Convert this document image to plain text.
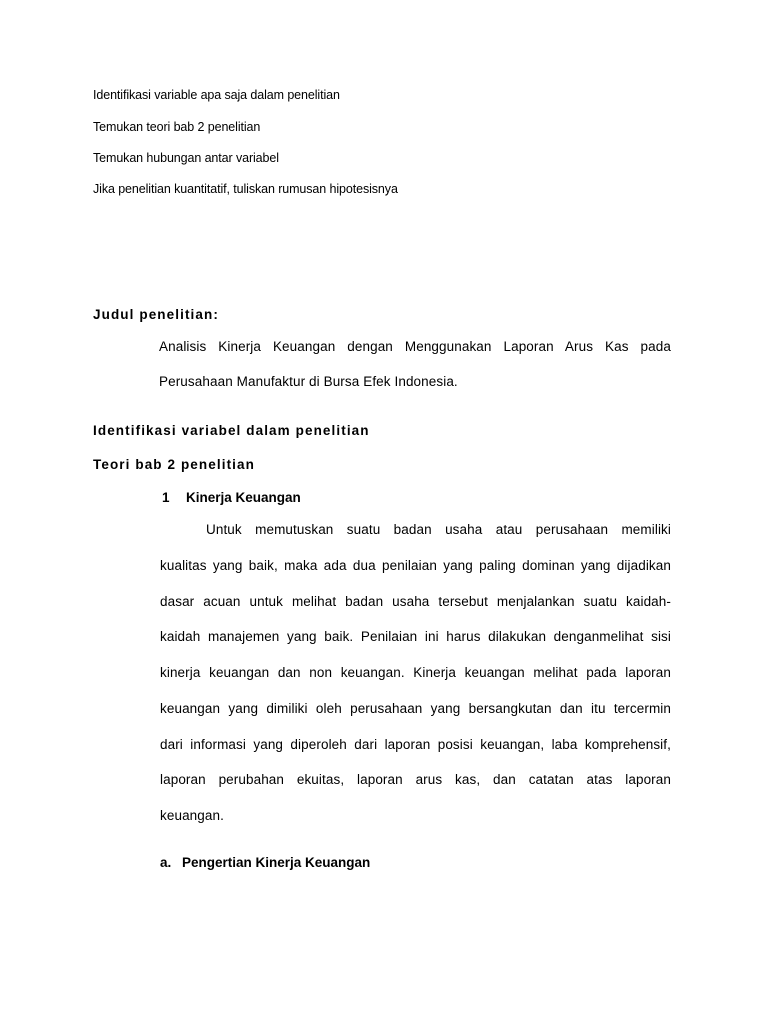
Identifikasi variable apa saja dalam penelitian
Temukan teori bab 2 penelitian
Temukan hubungan antar variabel
Jika penelitian kuantitatif, tuliskan rumusan hipotesisnya
Judul penelitian:
Analisis Kinerja Keuangan dengan Menggunakan Laporan Arus Kas pada
Perusahaan Manufaktur di Bursa Efek Indonesia.
Identifikasi variabel dalam penelitian
Teori bab 2 penelitian
1 Kinerja Keuangan
Untuk memutuskan suatu badan usaha atau perusahaan memiliki
kualitas yang baik, maka ada dua penilaian yang paling dominan yang dijadikan
dasar acuan untuk melihat badan usaha tersebut menjalankan suatu kaidah-
kaidah manajemen yang baik. Penilaian ini harus dilakukan denganmelihat sisi
kinerja keuangan dan non keuangan. Kinerja keuangan melihat pada laporan
keuangan yang dimiliki oleh perusahaan yang bersangkutan dan itu tercermin
dari informasi yang diperoleh dari laporan posisi keuangan, laba komprehensif,
laporan perubahan ekuitas, laporan arus kas, dan catatan atas laporan
keuangan.
a. Pengertian Kinerja Keuangan
